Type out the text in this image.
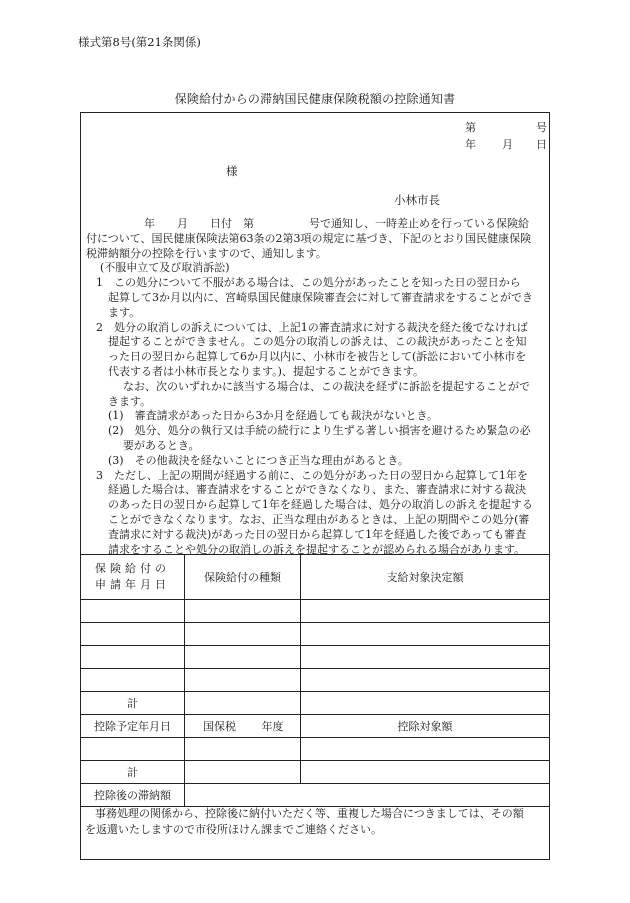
様式第8号(第21条関係)
保険給付からの滞納国民健康保険税額の控除通知書
第	号
年 月 日
様
小林市長
年　　月　　日付　第　　　　　号で通知し、一時差止めを行っている保険給
付について、国民健康保険法第63条の2第3項の規定に基づき、下記のとおり国民健康保険
税滞納額分の控除を行いますので、通知します。
(不服申立て及び取消訴訟)
1　この処分について不服がある場合は、この処分があったことを知った日の翌日から
起算して3か月以内に、宮崎県国民健康保険審査会に対して審査請求をすることができ
ます。
2　処分の取消しの訴えについては、上記1の審査請求に対する裁決を経た後でなければ
提起することができません。この処分の取消しの訴えは、この裁決があったことを知
った日の翌日から起算して6か月以内に、小林市を被告として(訴訟において小林市を
代表する者は小林市長となります。)、提起することができます。
なお、次のいずれかに該当する場合は、この裁決を経ずに訴訟を提起することがで
きます。
(1)　審査請求があった日から3か月を経過しても裁決がないとき。
(2)　処分、処分の執行又は手続の続行により生ずる著しい損害を避けるため緊急の必
要があるとき。
(3)　その他裁決を経ないことにつき正当な理由があるとき。
3　ただし、上記の期間が経過する前に、この処分があった日の翌日から起算して1年を
経過した場合は、審査請求をすることができなくなり、また、審査請求に対する裁決
のあった日の翌日から起算して1年を経過した場合は、処分の取消しの訴えを提起する
ことができなくなります。なお、正当な理由があるときは、上記の期間やこの処分(審
査請求に対する裁決)があった日の翌日から起算して1年を経過した後であっても審査
請求をすることや処分の取消しの訴えを提起することが認められる場合があります。
保険給付の
申請年月日	保険給付の種類	支給対象決定額

計		
控除予定年月日	国保税 年度	控除対象額

計		
控除後の滞納額		
事務処理の関係から、控除後に納付いただく等、重複した場合につきましては、その額
を返還いたしますので市役所ほけん課までご連絡ください。
